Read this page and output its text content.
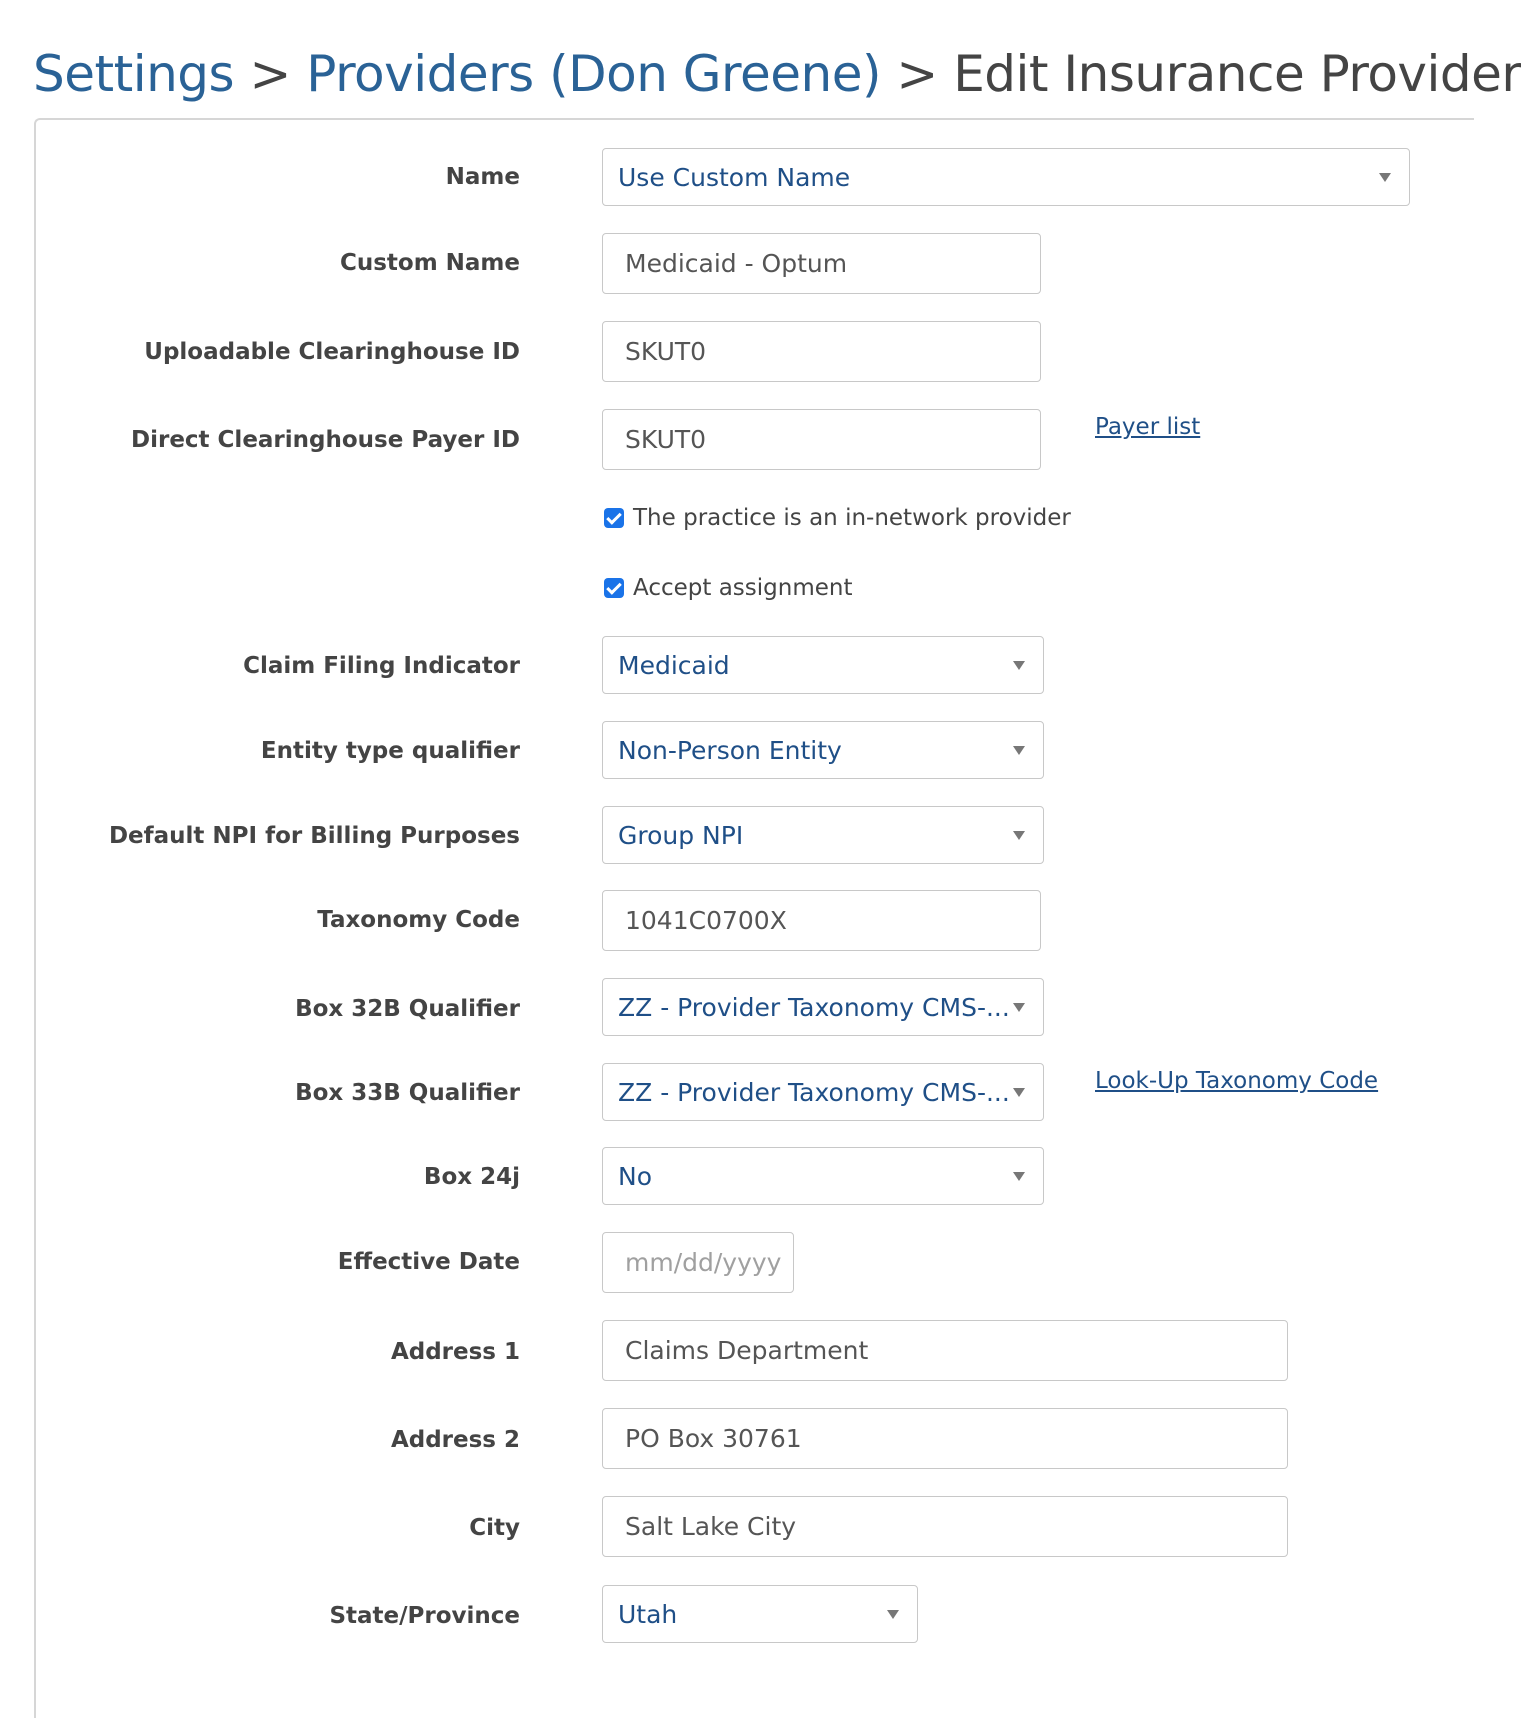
Settings > Providers (Don Greene) > Edit Insurance Provider
Name	Use Custom Name
Custom Name	Medicaid - Optum
Uploadable Clearinghouse ID	SKUT0
Direct Clearinghouse Payer ID	SKUT0	Payer list
The practice is an in-network provider
Accept assignment
Claim Filing Indicator	Medicaid
Entity type qualifier	Non-Person Entity
Default NPI for Billing Purposes	Group NPI
Taxonomy Code	1041C0700X
Box 32B Qualifier	ZZ - Provider Taxonomy CMS-...
Box 33B Qualifier	ZZ - Provider Taxonomy CMS-...	Look-Up Taxonomy Code
Box 24j	No
Effective Date	mm/dd/yyyy
Address 1	Claims Department
Address 2	PO Box 30761
City	Salt Lake City
State/Province	Utah
